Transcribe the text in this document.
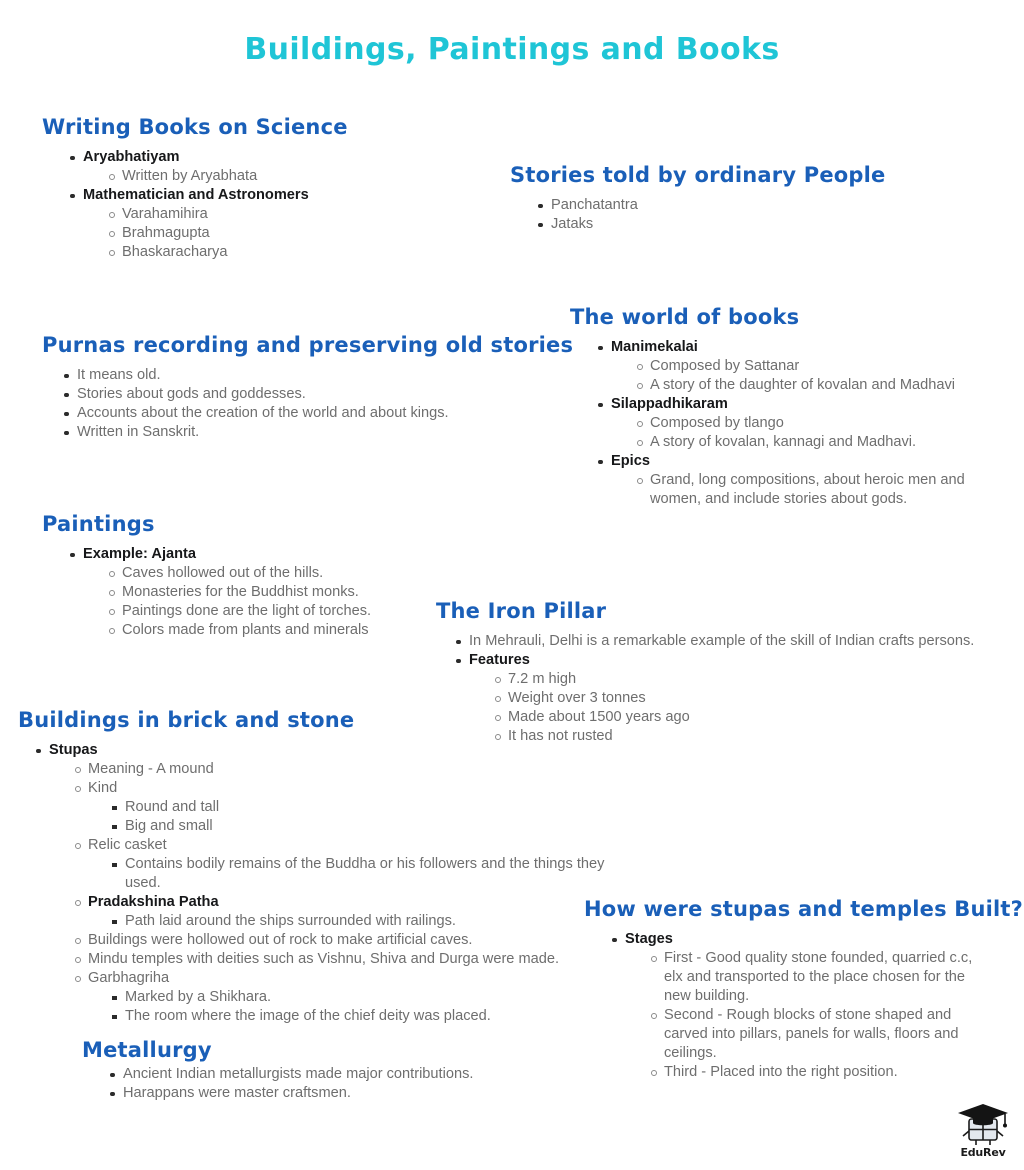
Buildings, Paintings and Books
Writing Books on Science
Aryabhatiyam
Written by Aryabhata
Mathematician and Astronomers
Varahamihira
Brahmagupta
Bhaskaracharya
Stories told by ordinary People
Panchatantra
Jataks
The world of books
Manimekalai
Composed by Sattanar
A story of the daughter of kovalan and Madhavi
Silappadhikaram
Composed by tlango
A story of kovalan, kannagi and Madhavi.
Epics
Grand, long compositions, about heroic men and women, and include stories about gods.
Purnas recording and preserving old stories
It means old.
Stories about gods and goddesses.
Accounts about the creation of the world and about kings.
Written in Sanskrit.
Paintings
Example: Ajanta
Caves hollowed out of the hills.
Monasteries for the Buddhist monks.
Paintings done are the light of torches.
Colors made from plants and minerals
The Iron Pillar
In Mehrauli, Delhi is a remarkable example of the skill of Indian crafts persons.
Features
7.2 m high
Weight over 3 tonnes
Made about 1500 years ago
It has not rusted
Buildings in brick and stone
Stupas
Meaning - A mound
Kind
Round and tall
Big and small
Relic casket
Contains bodily remains of the Buddha or his followers and the things they used.
Pradakshina Patha
Path laid around the ships surrounded with railings.
Buildings were hollowed out of rock to make artificial caves.
Mindu temples with deities such as Vishnu, Shiva and Durga were made.
Garbhagriha
Marked by a Shikhara.
The room where the image of the chief deity was placed.
How were stupas and temples Built?
Stages
First - Good quality stone founded, quarried c.c, elx and transported to the place chosen for the new building.
Second - Rough blocks of stone shaped and carved into pillars, panels for walls, floors and ceilings.
Third - Placed into the right position.
Metallurgy
Ancient Indian metallurgists made major contributions.
Harappans were master craftsmen.
EduRev
